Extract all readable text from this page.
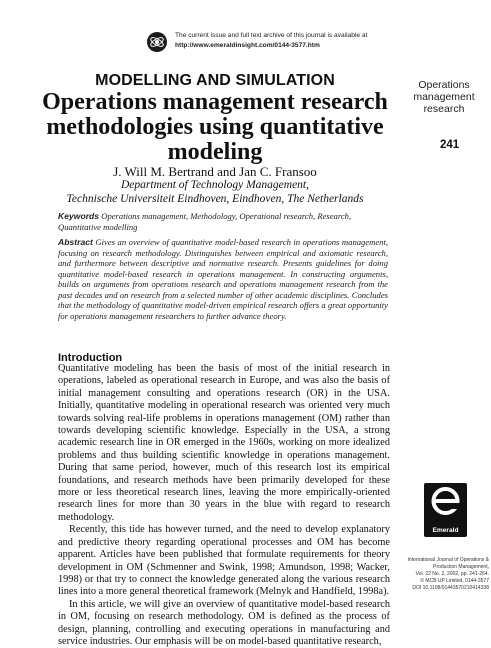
The current issue and full text archive of this journal is available at
http://www.emeraldinsight.com/0144-3577.htm
MODELLING AND SIMULATION
Operations management research methodologies using quantitative modeling
J. Will M. Bertrand and Jan C. Fransoo
Department of Technology Management,
Technische Universiteit Eindhoven, Eindhoven, The Netherlands
Operations management research
241
Keywords Operations management, Methodology, Operational research, Research, Quantitative modelling
Abstract Gives an overview of quantitative model-based research in operations management, focusing on research methodology. Distinguishes between empirical and axiomatic research, and furthermore between descriptive and normative research. Presents guidelines for doing quantitative model-based research in operations management. In constructing arguments, builds on arguments from operations research and operations management research from the past decades and on research from a selected number of other academic disciplines. Concludes that the methodology of quantitative model-driven empirical research offers a great opportunity for operations management researchers to further advance theory.
Introduction

Quantitative modeling has been the basis of most of the initial research in operations, labeled as operational research in Europe, and was also the basis of initial management consulting and operations research (OR) in the USA. Initially, quantitative modeling in operational research was oriented very much towards solving real-life problems in operations management (OM) rather than towards developing scientific knowledge. Especially in the USA, a strong academic research line in OR emerged in the 1960s, working on more idealized problems and thus building scientific knowledge in operations management. During that same period, however, much of this research lost its empirical foundations, and research methods have been primarily developed for these more or less theoretical research lines, leaving the more empirically-oriented research lines for more than 30 years in the blue with regard to research methodology.

Recently, this tide has however turned, and the need to develop explanatory and predictive theory regarding operational processes and OM has become apparent. Articles have been published that formulate requirements for theory development in OM (Schmenner and Swink, 1998; Amundson, 1998; Wacker, 1998) or that try to connect the knowledge generated along the various research lines into a more general theoretical framework (Melnyk and Handfield, 1998a).

In this article, we will give an overview of quantitative model-based research in OM, focusing on research methodology. OM is defined as the process of design, planning, controlling and executing operations in manufacturing and service industries. Our emphasis will be on model-based quantitative research,

Emerald
International Journal of Operations &
Production Management,
Vol. 22 No. 2, 2002, pp. 241-264.
© MCB UP Limited, 0144-3577
DOI 10.1108/01443570210414338
